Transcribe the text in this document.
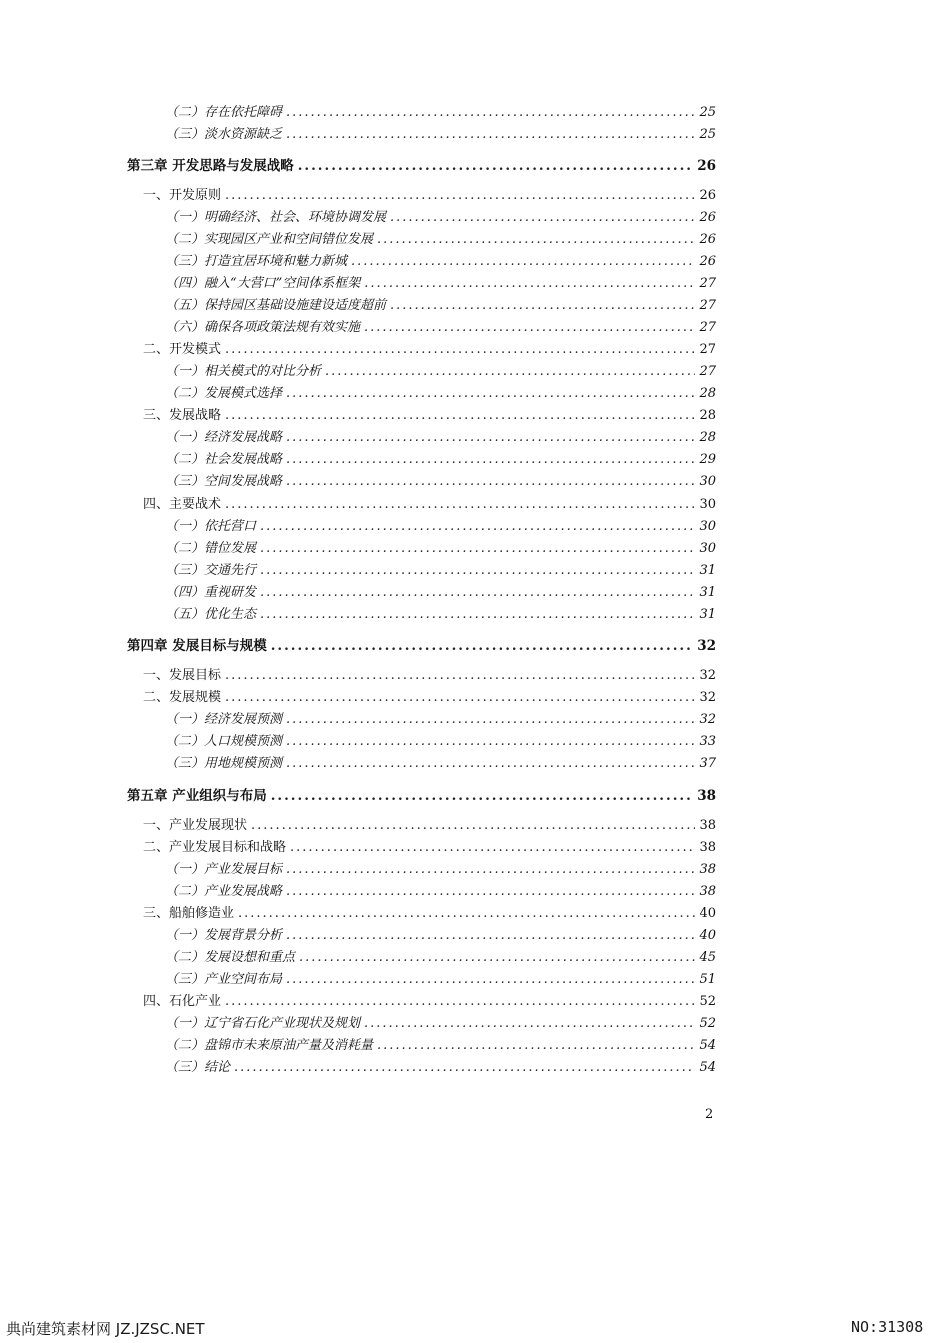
（二）存在依托障碍 .....	25
（三）淡水资源缺乏 .....	25
第三章 开发思路与发展战略 .....	26
一、开发原则 .....	26
（一）明确经济、社会、环境协调发展 .....	26
（二）实现园区产业和空间错位发展 .....	26
（三）打造宜居环境和魅力新城 .....	26
（四）融入“大营口”空间体系框架 .....	27
（五）保持园区基础设施建设适度超前 .....	27
（六）确保各项政策法规有效实施 .....	27
二、开发模式 .....	27
（一）相关模式的对比分析 .....	27
（二）发展模式选择 .....	28
三、发展战略 .....	28
（一）经济发展战略 .....	28
（二）社会发展战略 .....	29
（三）空间发展战略 .....	30
四、主要战术 .....	30
（一）依托营口 .....	30
（二）错位发展 .....	30
（三）交通先行 .....	31
（四）重视研发 .....	31
（五）优化生态 .....	31
第四章 发展目标与规模 .....	32
一、发展目标 .....	32
二、发展规模 .....	32
（一）经济发展预测 .....	32
（二）人口规模预测 .....	33
（三）用地规模预测 .....	37
第五章 产业组织与布局 .....	38
一、产业发展现状 .....	38
二、产业发展目标和战略 .....	38
（一）产业发展目标 .....	38
（二）产业发展战略 .....	38
三、船舶修造业 .....	40
（一）发展背景分析 .....	40
（二）发展设想和重点 .....	45
（三）产业空间布局 .....	51
四、石化产业 .....	52
（一）辽宁省石化产业现状及规划 .....	52
（二）盘锦市未来原油产量及消耗量 .....	54
（三）结论 .....	54
2
典尚建筑素材网 JZ.JZSC.NET	NO:31308
